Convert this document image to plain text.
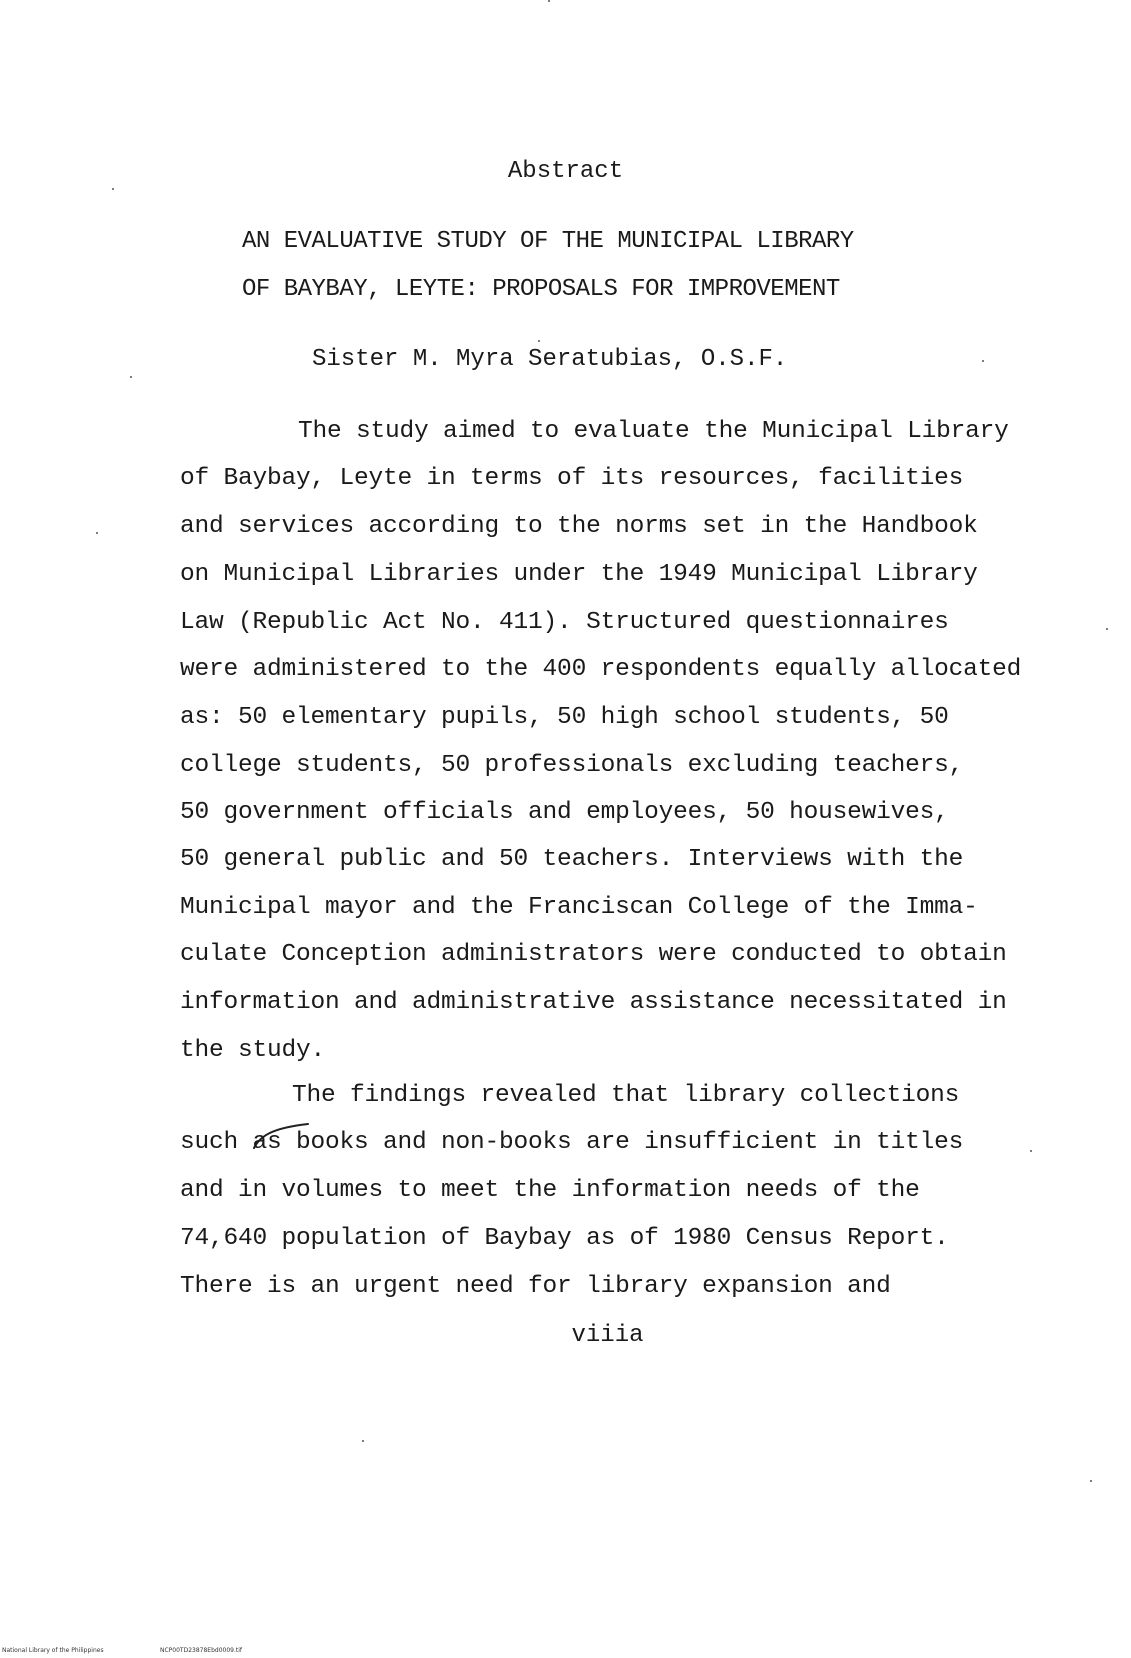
Abstract
AN EVALUATIVE STUDY OF THE MUNICIPAL LIBRARY
OF BAYBAY, LEYTE: PROPOSALS FOR IMPROVEMENT
Sister M. Myra Seratubias, O.S.F.
The study aimed to evaluate the Municipal Library
of Baybay, Leyte in terms of its resources, facilities
and services according to the norms set in the Handbook
on Municipal Libraries under the 1949 Municipal Library
Law (Republic Act No. 411). Structured questionnaires
were administered to the 400 respondents equally allocated
as: 50 elementary pupils, 50 high school students, 50
college students, 50 professionals excluding teachers,
50 government officials and employees, 50 housewives,
50 general public and 50 teachers. Interviews with the
Municipal mayor and the Franciscan College of the Imma-
culate Conception administrators were conducted to obtain
information and administrative assistance necessitated in
the study.
The findings revealed that library collections
such as books and non-books are insufficient in titles
and in volumes to meet the information needs of the
74,640 population of Baybay as of 1980 Census Report.
There is an urgent need for library expansion and
viiia
National Library of the Philippines	NCP00TD23878Ebd0009.tif
